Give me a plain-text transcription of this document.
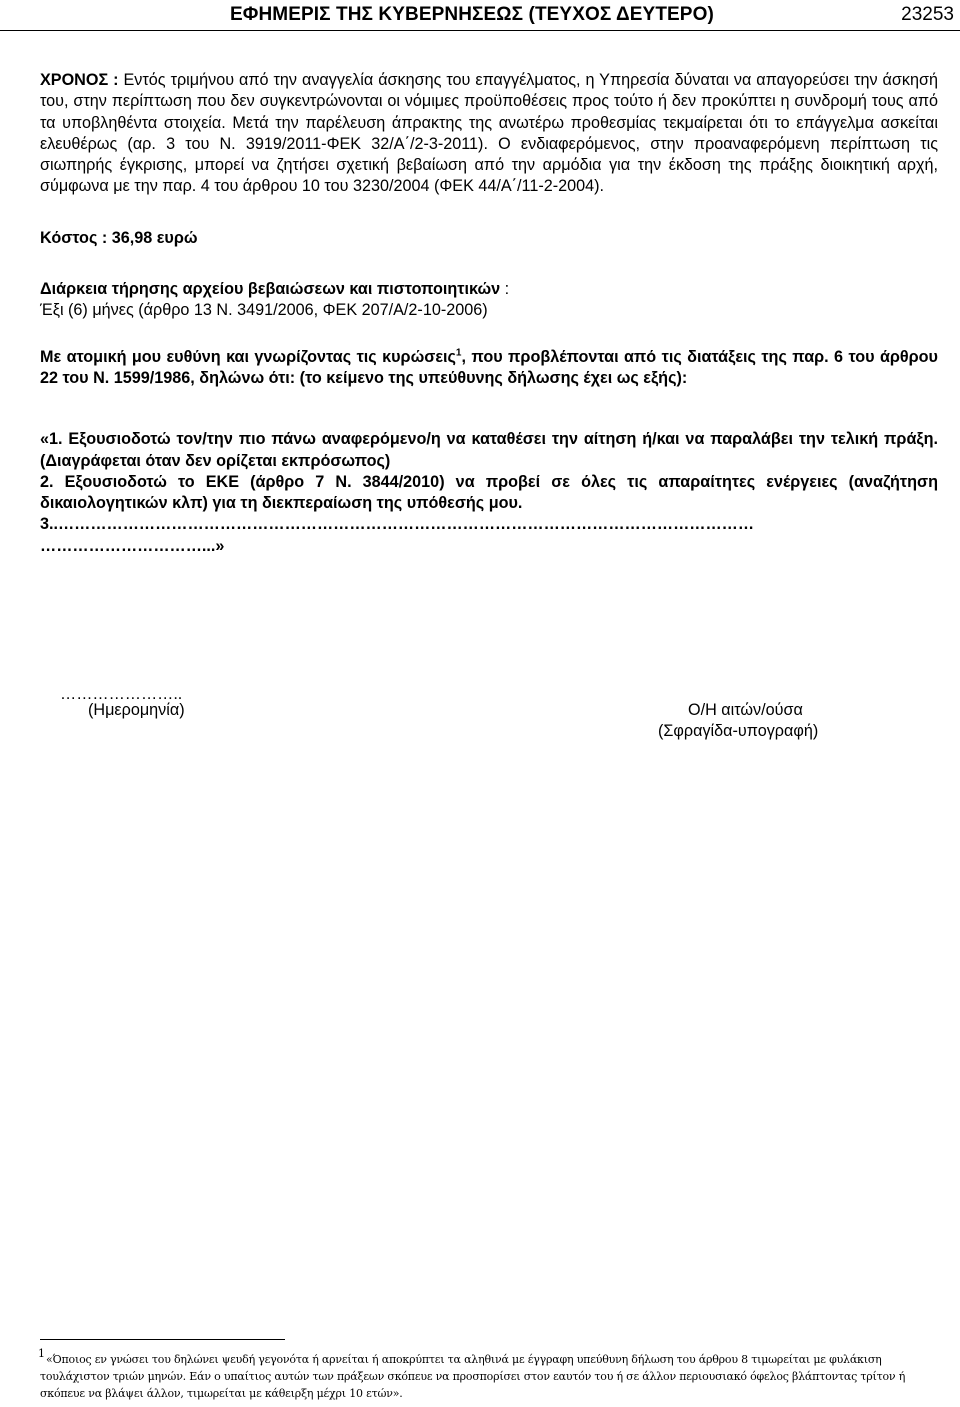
ΕΦΗΜΕΡΙΣ ΤΗΣ ΚΥΒΕΡΝΗΣΕΩΣ (ΤΕΥΧΟΣ ΔΕΥΤΕΡΟ)	23253

ΧΡΟΝΟΣ : Εντός τριμήνου από την αναγγελία άσκησης του επαγγέλματος, η Υπηρεσία δύναται να απαγορεύσει την άσκησή του, στην περίπτωση που δεν συγκεντρώνονται οι νόμιμες προϋποθέσεις προς τούτο ή δεν προκύπτει η συνδρομή τους από τα υποβληθέντα στοιχεία. Μετά την παρέλευση άπρακτης της ανωτέρω προθεσμίας τεκμαίρεται ότι το επάγγελμα ασκείται ελευθέρως (αρ. 3 του Ν. 3919/2011-ΦΕΚ 32/Α΄/2-3-2011). Ο ενδιαφερόμενος, στην προαναφερόμενη περίπτωση τις σιωπηρής έγκρισης, μπορεί να ζητήσει σχετική βεβαίωση από την αρμόδια για την έκδοση της πράξης διοικητική αρχή, σύμφωνα με την παρ. 4 του άρθρου 10 του 3230/2004 (ΦΕΚ 44/Α΄/11-2-2004).

Κόστος : 36,98 ευρώ

Διάρκεια τήρησης αρχείου βεβαιώσεων και πιστοποιητικών :

Έξι (6) μήνες (άρθρο 13 Ν. 3491/2006, ΦΕΚ 207/Α/2-10-2006)

Με ατομική μου ευθύνη και γνωρίζοντας τις κυρώσεις$^1$, που προβλέπονται από τις διατάξεις της παρ. 6 του άρθρου 22 του Ν. 1599/1986, δηλώνω ότι: (το κείμενο της υπεύθυνης δήλωσης έχει ως εξής):

«1. Εξουσιοδοτώ τον/την πιο πάνω αναφερόμενο/η να καταθέσει την αίτηση ή/και να παραλάβει την τελική πράξη. (Διαγράφεται όταν δεν ορίζεται εκπρόσωπος)

2. Εξουσιοδοτώ το ΕΚΕ (άρθρο 7 Ν. 3844/2010) να προβεί σε όλες τις απαραίτητες ενέργειες (αναζήτηση δικαιολογητικών κλπ) για τη διεκπεραίωση της υπόθεσής μου.

3..…………………………………………………………………………………………………………………

…………………………...»

…………………..
(Ημερομηνία)	Ο/Η αιτών/ούσα
(Σφραγίδα-υπογραφή)
1 «Όποιος εν γνώσει του δηλώνει ψευδή γεγονότα ή αρνείται ή αποκρύπτει τα αληθινά με έγγραφη υπεύθυνη δήλωση του άρθρου 8 τιμωρείται με φυλάκιση τουλάχιστον τριών μηνών. Εάν ο υπαίτιος αυτών των πράξεων σκόπευε να προσπορίσει στον εαυτόν του ή σε άλλον περιουσιακό όφελος βλάπτοντας τρίτον ή σκόπευε να βλάψει άλλον, τιμωρείται με κάθειρξη μέχρι 10 ετών».
